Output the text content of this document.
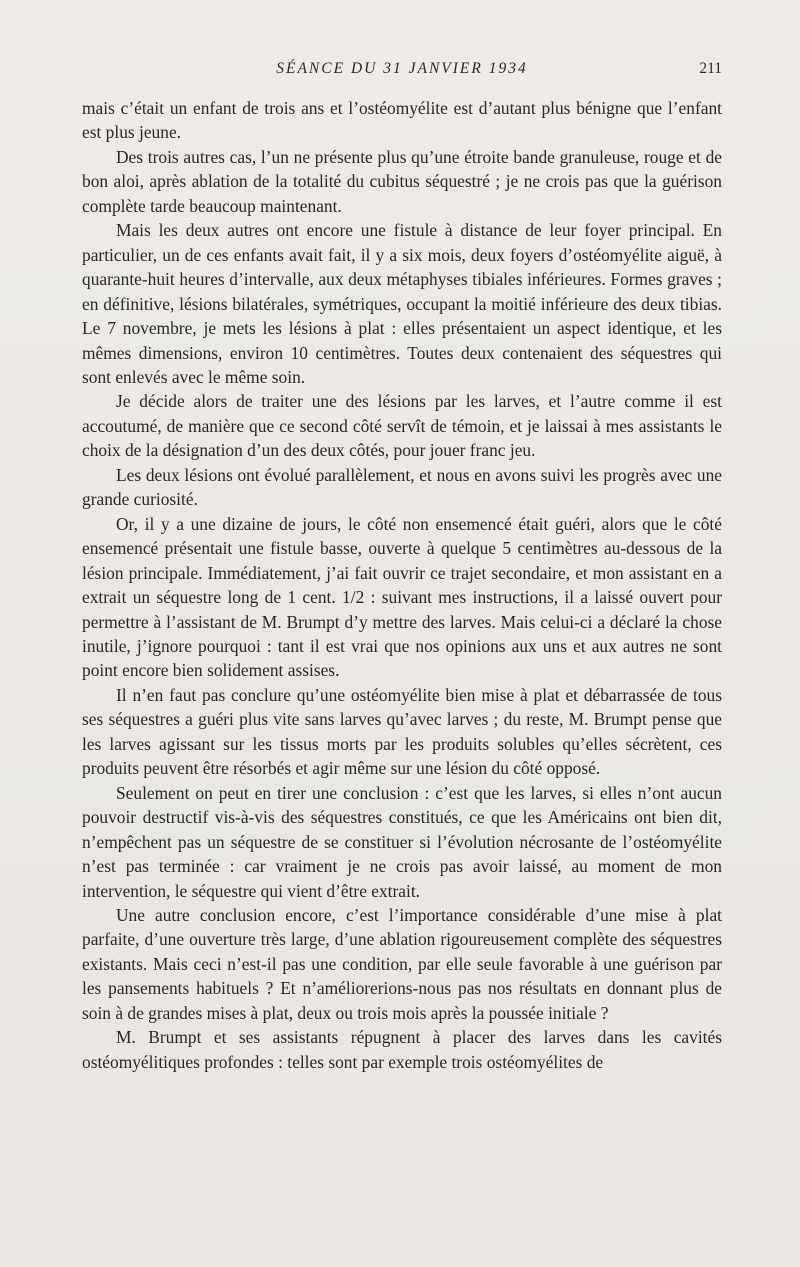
SÉANCE DU 31 JANVIER 1934	211

mais c’était un enfant de trois ans et l’ostéomyélite est d’autant plus bénigne que l’enfant est plus jeune.

Des trois autres cas, l’un ne présente plus qu’une étroite bande granuleuse, rouge et de bon aloi, après ablation de la totalité du cubitus séquestré ; je ne crois pas que la guérison complète tarde beaucoup maintenant.

Mais les deux autres ont encore une fistule à distance de leur foyer principal. En particulier, un de ces enfants avait fait, il y a six mois, deux foyers d’ostéomyélite aiguë, à quarante-huit heures d’intervalle, aux deux métaphyses tibiales inférieures. Formes graves ; en définitive, lésions bilatérales, symétriques, occupant la moitié inférieure des deux tibias. Le 7 novembre, je mets les lésions à plat : elles présentaient un aspect identique, et les mêmes dimensions, environ 10 centimètres. Toutes deux contenaient des séquestres qui sont enlevés avec le même soin.

Je décide alors de traiter une des lésions par les larves, et l’autre comme il est accoutumé, de manière que ce second côté servît de témoin, et je laissai à mes assistants le choix de la désignation d’un des deux côtés, pour jouer franc jeu.

Les deux lésions ont évolué parallèlement, et nous en avons suivi les progrès avec une grande curiosité.

Or, il y a une dizaine de jours, le côté non ensemencé était guéri, alors que le côté ensemencé présentait une fistule basse, ouverte à quelque 5 centimètres au-dessous de la lésion principale. Immédiatement, j’ai fait ouvrir ce trajet secondaire, et mon assistant en a extrait un séquestre long de 1 cent. 1/2 : suivant mes instructions, il a laissé ouvert pour permettre à l’assistant de M. Brumpt d’y mettre des larves. Mais celui-ci a déclaré la chose inutile, j’ignore pourquoi : tant il est vrai que nos opinions aux uns et aux autres ne sont point encore bien solidement assises.

Il n’en faut pas conclure qu’une ostéomyélite bien mise à plat et débarrassée de tous ses séquestres a guéri plus vite sans larves qu’avec larves ; du reste, M. Brumpt pense que les larves agissant sur les tissus morts par les produits solubles qu’elles sécrètent, ces produits peuvent être résorbés et agir même sur une lésion du côté opposé.

Seulement on peut en tirer une conclusion : c’est que les larves, si elles n’ont aucun pouvoir destructif vis-à-vis des séquestres constitués, ce que les Américains ont bien dit, n’empêchent pas un séquestre de se constituer si l’évolution nécrosante de l’ostéomyélite n’est pas terminée : car vraiment je ne crois pas avoir laissé, au moment de mon intervention, le séquestre qui vient d’être extrait.

Une autre conclusion encore, c’est l’importance considérable d’une mise à plat parfaite, d’une ouverture très large, d’une ablation rigoureusement complète des séquestres existants. Mais ceci n’est-il pas une condition, par elle seule favorable à une guérison par les pansements habituels ? Et n’améliorerions-nous pas nos résultats en donnant plus de soin à de grandes mises à plat, deux ou trois mois après la poussée initiale ?

M. Brumpt et ses assistants répugnent à placer des larves dans les cavités ostéomyélitiques profondes : telles sont par exemple trois ostéomyélites de
